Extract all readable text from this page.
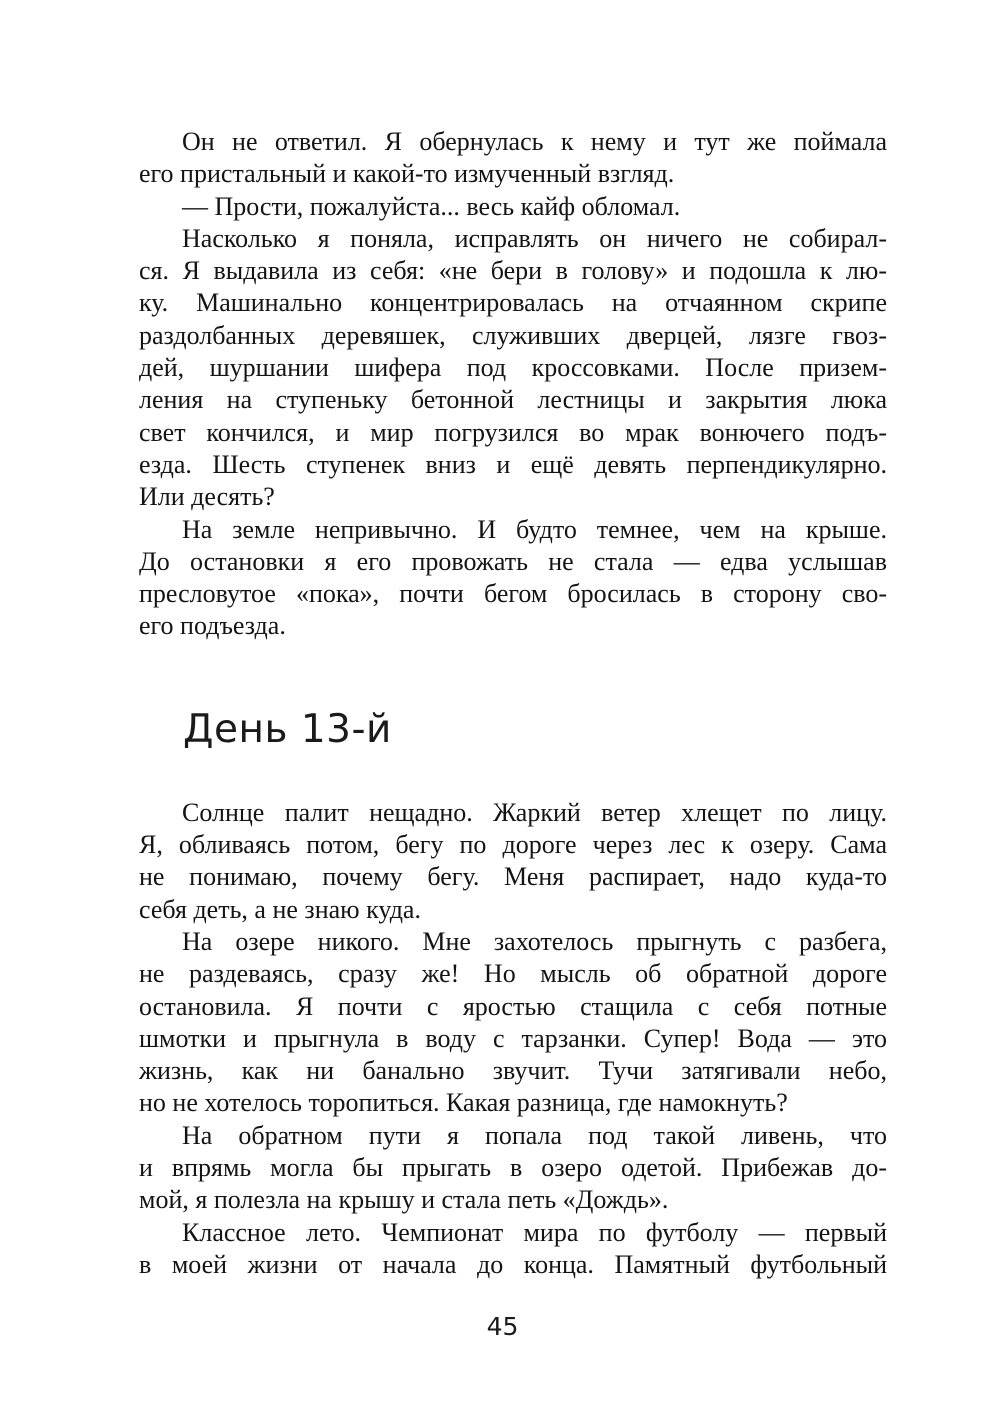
Он не ответил. Я обернулась к нему и тут же поймала
его пристальный и какой-то измученный взгляд.
— Прости, пожалуйста... весь кайф обломал.
Насколько я поняла, исправлять он ничего не собирал-
ся. Я выдавила из себя: «не бери в голову» и подошла к лю-
ку. Машинально концентрировалась на отчаянном скрипе
раздолбанных деревяшек, служивших дверцей, лязге гвоз-
дей, шуршании шифера под кроссовками. После призем-
ления на ступеньку бетонной лестницы и закрытия люка
свет кончился, и мир погрузился во мрак вонючего подъ-
езда. Шесть ступенек вниз и ещё девять перпендикулярно.
Или десять?
На земле непривычно. И будто темнее, чем на крыше.
До остановки я его провожать не стала — едва услышав
пресловутое «пока», почти бегом бросилась в сторону сво-
его подъезда.
День 13-й
Солнце палит нещадно. Жаркий ветер хлещет по лицу.
Я, обливаясь потом, бегу по дороге через лес к озеру. Сама
не понимаю, почему бегу. Меня распирает, надо куда-то
себя деть, а не знаю куда.
На озере никого. Мне захотелось прыгнуть с разбега,
не раздеваясь, сразу же! Но мысль об обратной дороге
остановила. Я почти с яростью стащила с себя потные
шмотки и прыгнула в воду с тарзанки. Супер! Вода — это
жизнь, как ни банально звучит. Тучи затягивали небо,
но не хотелось торопиться. Какая разница, где намокнуть?
На обратном пути я попала под такой ливень, что
и впрямь могла бы прыгать в озеро одетой. Прибежав до-
мой, я полезла на крышу и стала петь «Дождь».
Классное лето. Чемпионат мира по футболу — первый
в моей жизни от начала до конца. Памятный футбольный
45
